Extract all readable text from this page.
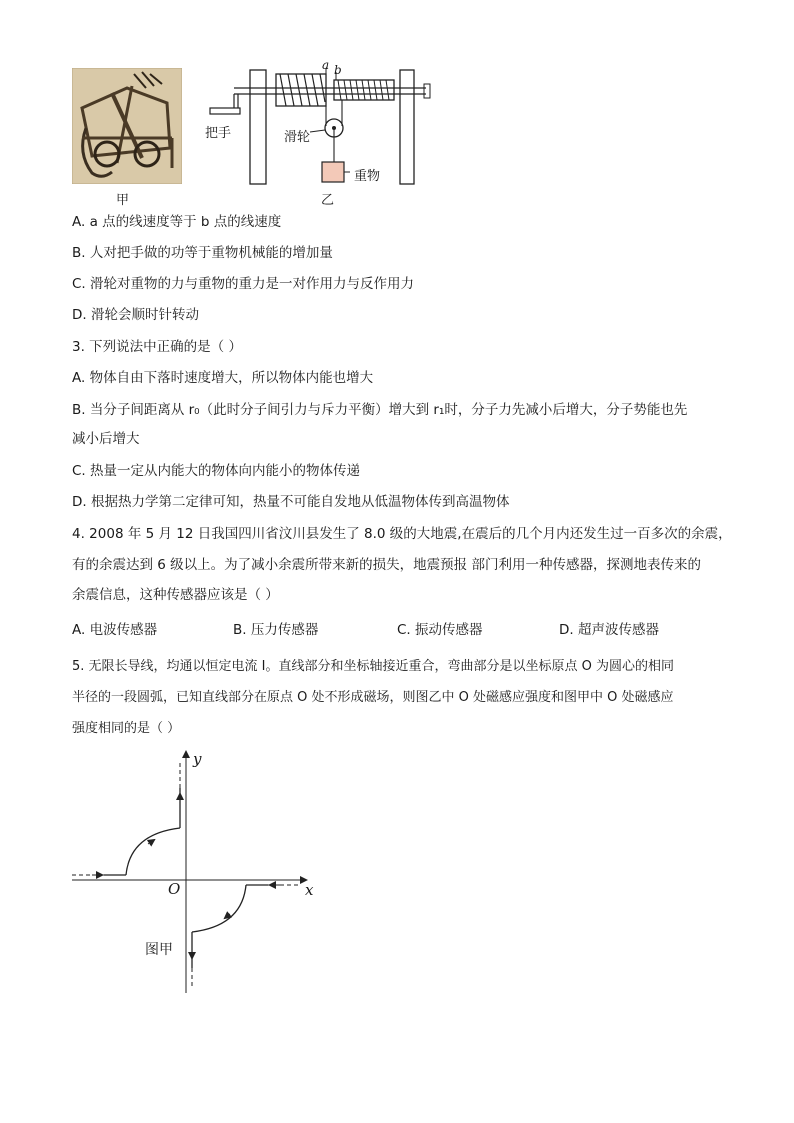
甲
a b
把手	滑轮
重物
乙
A. a 点的线速度等于 b 点的线速度
B. 人对把手做的功等于重物机械能的增加量
C. 滑轮对重物的力与重物的重力是一对作用力与反作用力
D. 滑轮会顺时针转动
3. 下列说法中正确的是（ ）
A. 物体自由下落时速度增大，所以物体内能也增大
B. 当分子间距离从 r₀（此时分子间引力与斥力平衡）增大到 r₁时，分子力先减小后增大，分子势能也先
减小后增大
C. 热量一定从内能大的物体向内能小的物体传递
D. 根据热力学第二定律可知，热量不可能自发地从低温物体传到高温物体
4. 2008 年 5 月 12 日我国四川省汶川县发生了 8.0 级的大地震,在震后的几个月内还发生过一百多次的余震，
有的余震达到 6 级以上。为了减小余震所带来新的损失，地震预报 部门利用一种传感器，探测地表传来的
余震信息，这种传感器应该是（ ）
A. 电波传感器	B. 压力传感器	C. 振动传感器	D. 超声波传感器
5. 无限长导线，均通以恒定电流 I。直线部分和坐标轴接近重合，弯曲部分是以坐标原点 O 为圆心的相同
半径的一段圆弧，已知直线部分在原点 O 处不形成磁场，则图乙中 O 处磁感应强度和图甲中 O 处磁感应
强度相同的是（ ）
y
x
O
图甲
